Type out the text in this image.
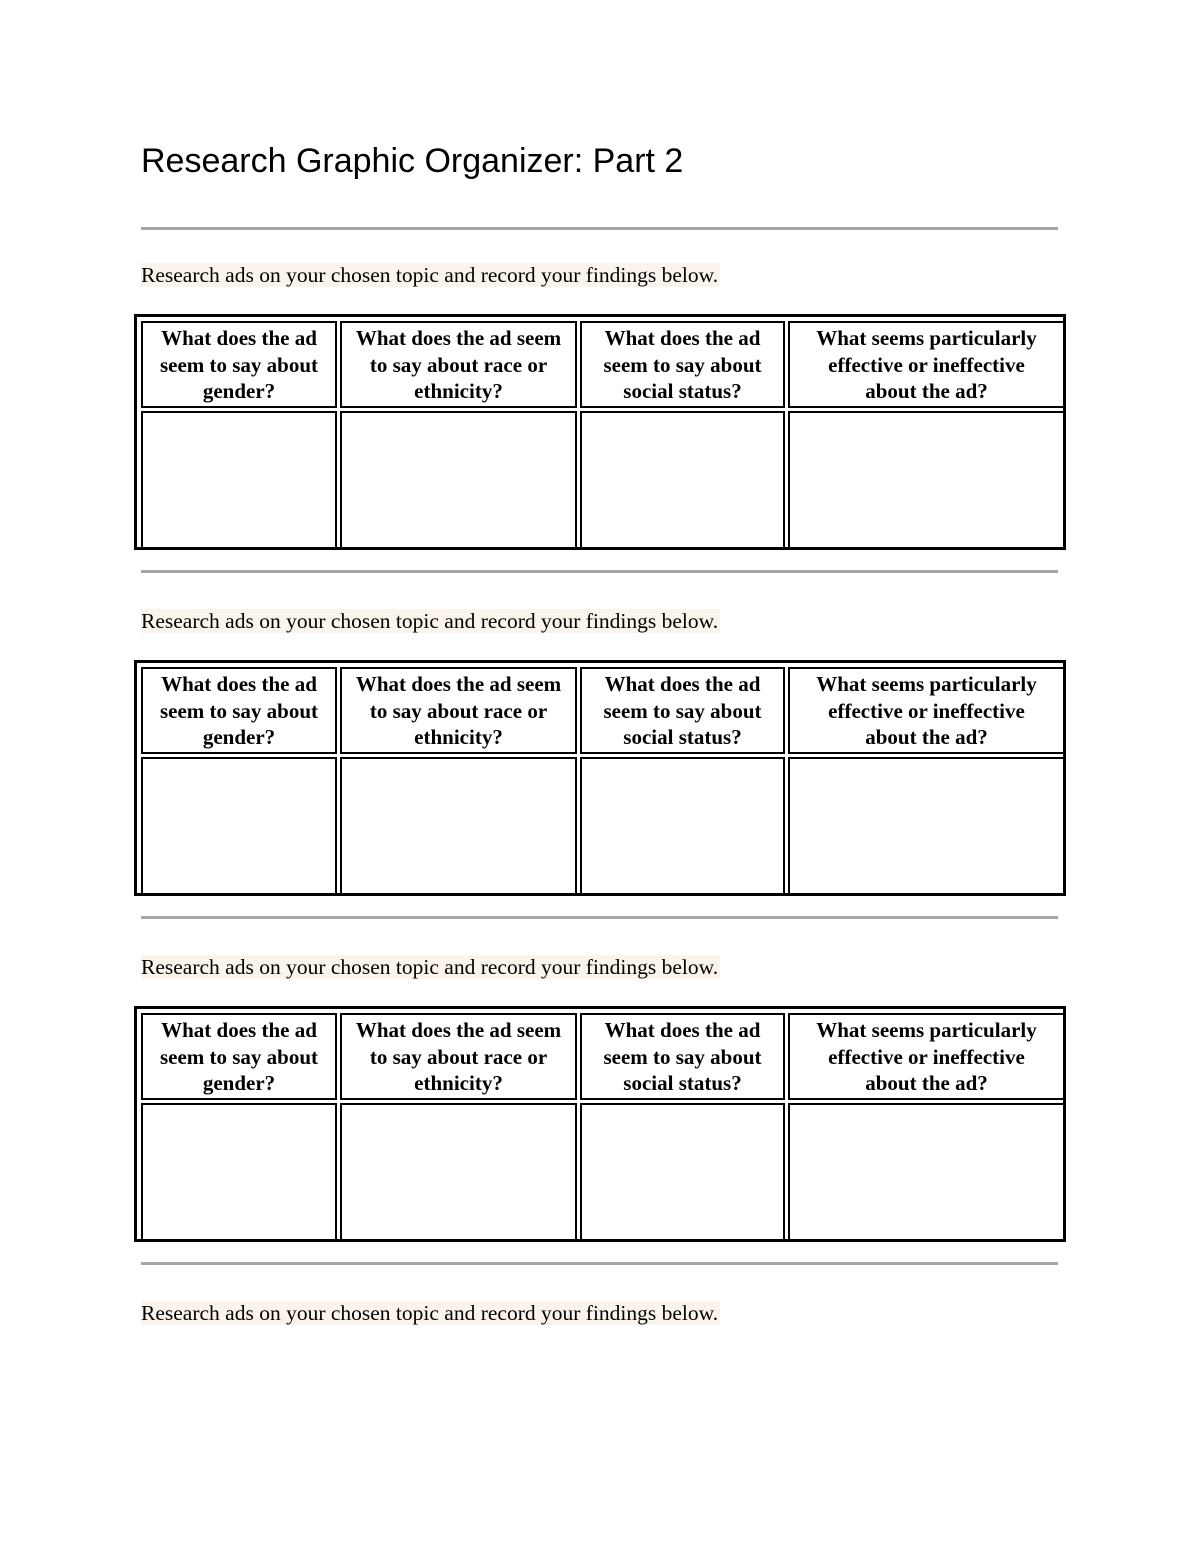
Research Graphic Organizer: Part 2

Research ads on your chosen topic and record your findings below.

What does the ad
seem to say about
gender?	What does the ad seem
to say about race or
ethnicity?	What does the ad
seem to say about
social status?	What seems particularly
effective or ineffective
about the ad?

Research ads on your chosen topic and record your findings below.

What does the ad
seem to say about
gender?	What does the ad seem
to say about race or
ethnicity?	What does the ad
seem to say about
social status?	What seems particularly
effective or ineffective
about the ad?

Research ads on your chosen topic and record your findings below.

What does the ad
seem to say about
gender?	What does the ad seem
to say about race or
ethnicity?	What does the ad
seem to say about
social status?	What seems particularly
effective or ineffective
about the ad?

Research ads on your chosen topic and record your findings below.
